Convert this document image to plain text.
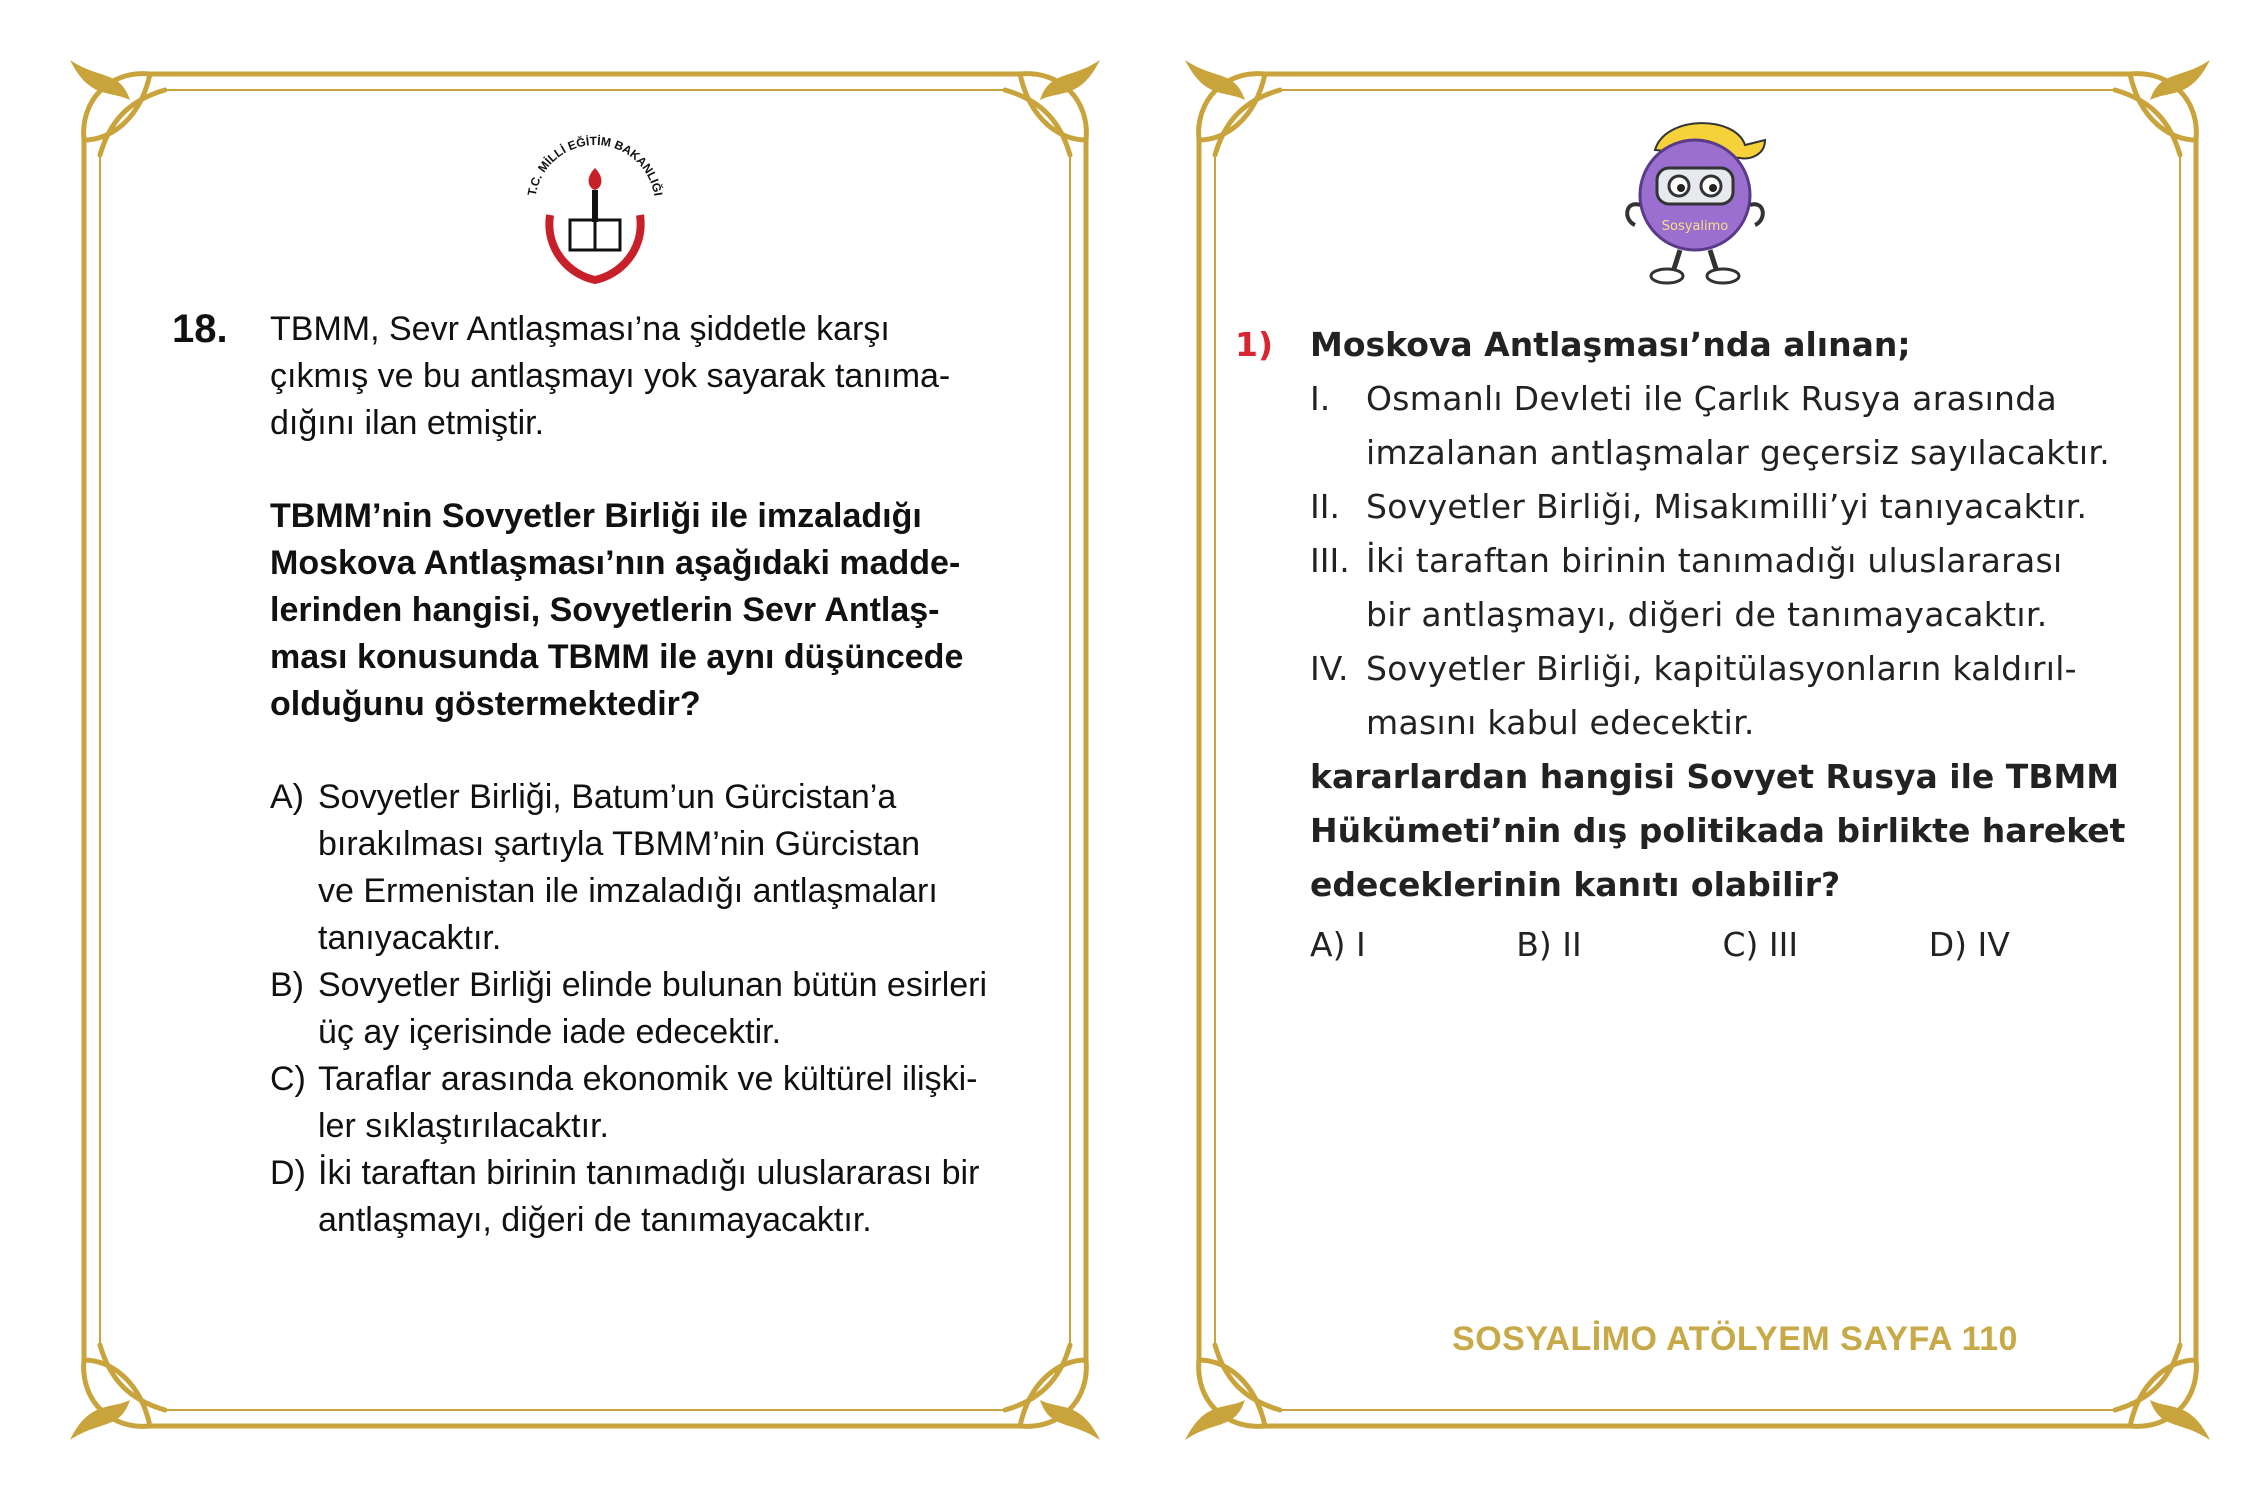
T.C. MİLLİ EĞİTİM BAKANLIĞI
18. TBMM, Sevr Antlaşması’na şiddetle karşı

çıkmış ve bu antlaşmayı yok sayarak tanıma-

dığını ilan etmiştir.

TBMM’nin Sovyetler Birliği ile imzaladığı

Moskova Antlaşması’nın aşağıdaki madde-

lerinden hangisi, Sovyetlerin Sevr Antlaş-

ması konusunda TBMM ile aynı düşüncede

olduğunu göstermektedir?

A) Sovyetler Birliği, Batum’un Gürcistan’a
bırakılması şartıyla TBMM’nin Gürcistan
ve Ermenistan ile imzaladığı antlaşmaları
tanıyacaktır.
B) Sovyetler Birliği elinde bulunan bütün esirleri
üç ay içerisinde iade edecektir.
C) Taraflar arasında ekonomik ve kültürel ilişki-
ler sıklaştırılacaktır.
D) İki taraftan birinin tanımadığı uluslararası bir
antlaşmayı, diğeri de tanımayacaktır.
Sosyalimo
1) Moskova Antlaşması’nda alınan;
I.	Osmanlı Devleti ile Çarlık Rusya arasında
imzalanan antlaşmalar geçersiz sayılacaktır.
II. Sovyetler Birliği, Misakımilli’yi tanıyacaktır.
III. İki taraftan birinin tanımadığı uluslararası
bir antlaşmayı, diğeri de tanımayacaktır.
IV. Sovyetler Birliği, kapitülasyonların kaldırıl-
masını kabul edecektir.
kararlardan hangisi Sovyet Rusya ile TBMM
Hükümeti’nin dış politikada birlikte hareket
edeceklerinin kanıtı olabilir?
A) I	B) II	C) III	D) IV
SOSYALİMO ATÖLYEM SAYFA 110
